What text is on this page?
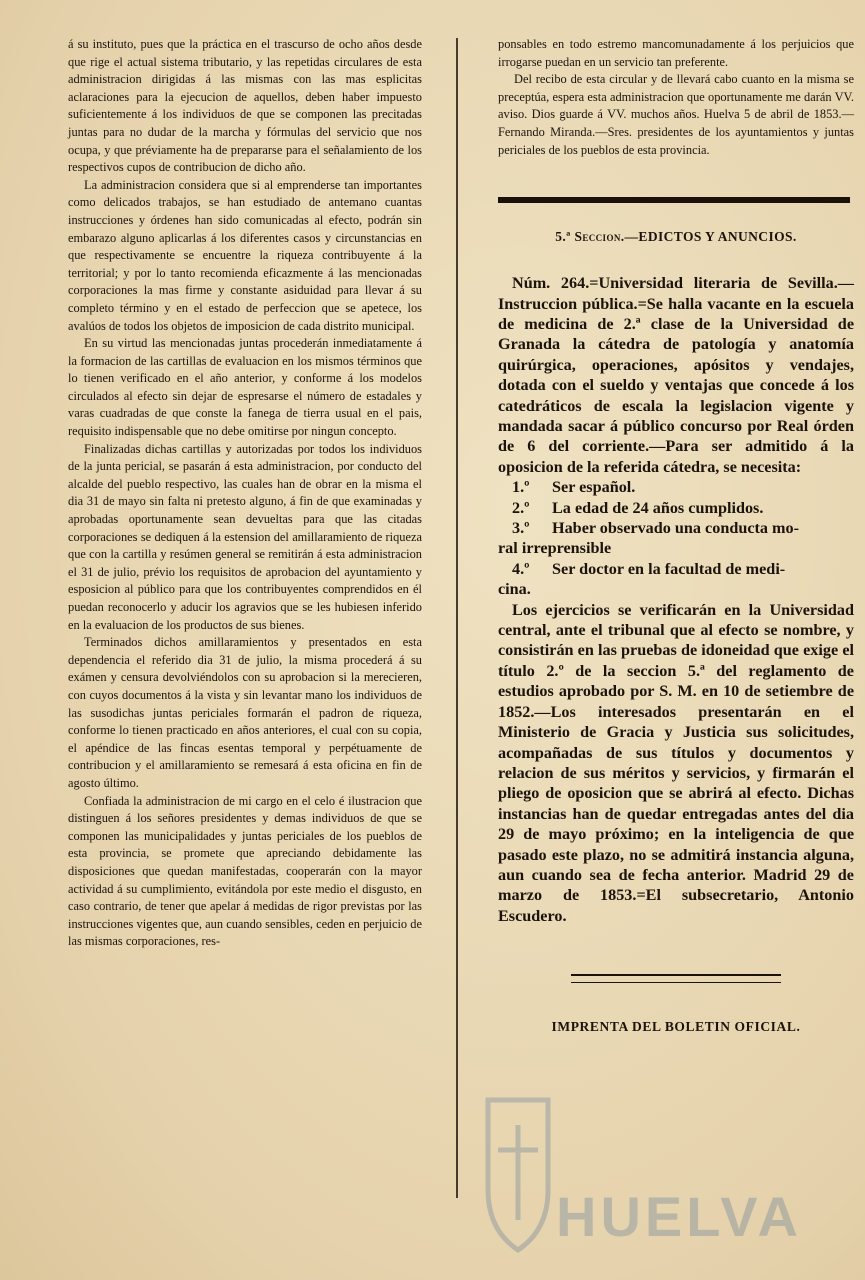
á su instituto, pues que la práctica en el trascurso de ocho años desde que rige el actual sistema tributario, y las repetidas circulares de esta administracion dirigidas á las mismas con las mas esplicitas aclaraciones para la ejecucion de aquellos, deben haber impuesto suficientemente á los individuos de que se componen las precitadas juntas para no dudar de la marcha y fórmulas del servicio que nos ocupa, y que préviamente ha de prepararse para el señalamiento de los respectivos cupos de contribucion de dicho año.

La administracion considera que si al emprenderse tan importantes como delicados trabajos, se han estudiado de antemano cuantas instrucciones y órdenes han sido comunicadas al efecto, podrán sin embarazo alguno aplicarlas á los diferentes casos y circunstancias en que respectivamente se encuentre la riqueza contribuyente á la territorial; y por lo tanto recomienda eficazmente á las mencionadas corporaciones la mas firme y constante asiduidad para llevar á su completo término y en el estado de perfeccion que se apetece, los avalúos de todos los objetos de imposicion de cada distrito municipal.

En su virtud las mencionadas juntas procederán inmediatamente á la formacion de las cartillas de evaluacion en los mismos términos que lo tienen verificado en el año anterior, y conforme á los modelos circulados al efecto sin dejar de espresarse el número de estadales y varas cuadradas de que conste la fanega de tierra usual en el pais, requisito indispensable que no debe omitirse por ningun concepto.

Finalizadas dichas cartillas y autorizadas por todos los individuos de la junta pericial, se pasarán á esta administracion, por conducto del alcalde del pueblo respectivo, las cuales han de obrar en la misma el dia 31 de mayo sin falta ni pretesto alguno, á fin de que examinadas y aprobadas oportunamente sean devueltas para que las citadas corporaciones se dediquen á la estension del amillaramiento de riqueza que con la cartilla y resúmen general se remitirán á esta administracion el 31 de julio, prévio los requisitos de aprobacion del ayuntamiento y esposicion al público para que los contribuyentes comprendidos en él puedan reconocerlo y aducir los agravios que se les hubiesen inferido en la evaluacion de los productos de sus bienes.

Terminados dichos amillaramientos y presentados en esta dependencia el referido dia 31 de julio, la misma procederá á su exámen y censura devolviéndolos con su aprobacion si la merecieren, con cuyos documentos á la vista y sin levantar mano los individuos de las susodichas juntas periciales formarán el padron de riqueza, conforme lo tienen practicado en años anteriores, el cual con su copia, el apéndice de las fincas esentas temporal y perpétuamente de contribucion y el amillaramiento se remesará á esta oficina en fin de agosto último.

Confiada la administracion de mi cargo en el celo é ilustracion que distinguen á los señores presidentes y demas individuos de que se componen las municipalidades y juntas periciales de los pueblos de esta provincia, se promete que apreciando debidamente las disposiciones que quedan manifestadas, cooperarán con la mayor actividad á su cumplimiento, evitándola por este medio el disgusto, en caso contrario, de tener que apelar á medidas de rigor previstas por las instrucciones vigentes que, aun cuando sensibles, ceden en perjuicio de las mismas corporaciones, res-

ponsables en todo estremo mancomunadamente á los perjuicios que irrogarse puedan en un servicio tan preferente.

Del recibo de esta circular y de llevará cabo cuanto en la misma se preceptúa, espera esta administracion que oportunamente me darán VV. aviso. Dios guarde á VV. muchos años. Huelva 5 de abril de 1853.—Fernando Miranda.—Sres. presidentes de los ayuntamientos y juntas periciales de los pueblos de esta provincia.

5.ª Seccion.—EDICTOS Y ANUNCIOS.
Núm. 264.=Universidad literaria de Sevilla.—Instruccion pública.=Se halla vacante en la escuela de medicina de 2.ª clase de la Universidad de Granada la cátedra de patología y anatomía quirúrgica, operaciones, apósitos y vendajes, dotada con el sueldo y ventajas que concede á los catedráticos de escala la legislacion vigente y mandada sacar á público concurso por Real órden de 6 del corriente.—Para ser admitido á la oposicion de la referida cátedra, se necesita:
1.º Ser español.
2.º La edad de 24 años cumplidos.
3.º Haber observado una conducta mo-
ral irreprensible
4.º Ser doctor en la facultad de medi-
cina.
Los ejercicios se verificarán en la Universidad central, ante el tribunal que al efecto se nombre, y consistirán en las pruebas de idoneidad que exige el título 2.º de la seccion 5.ª del reglamento de estudios aprobado por S. M. en 10 de setiembre de 1852.—Los interesados presentarán en el Ministerio de Gracia y Justicia sus solicitudes, acompañadas de sus títulos y documentos y relacion de sus méritos y servicios, y firmarán el pliego de oposicion que se abrirá al efecto. Dichas instancias han de quedar entregadas antes del dia 29 de mayo próximo; en la inteligencia de que pasado este plazo, no se admitirá instancia alguna, aun cuando sea de fecha anterior. Madrid 29 de marzo de 1853.=El subsecretario, Antonio Escudero.
IMPRENTA DEL BOLETIN OFICIAL.
HUELVA
